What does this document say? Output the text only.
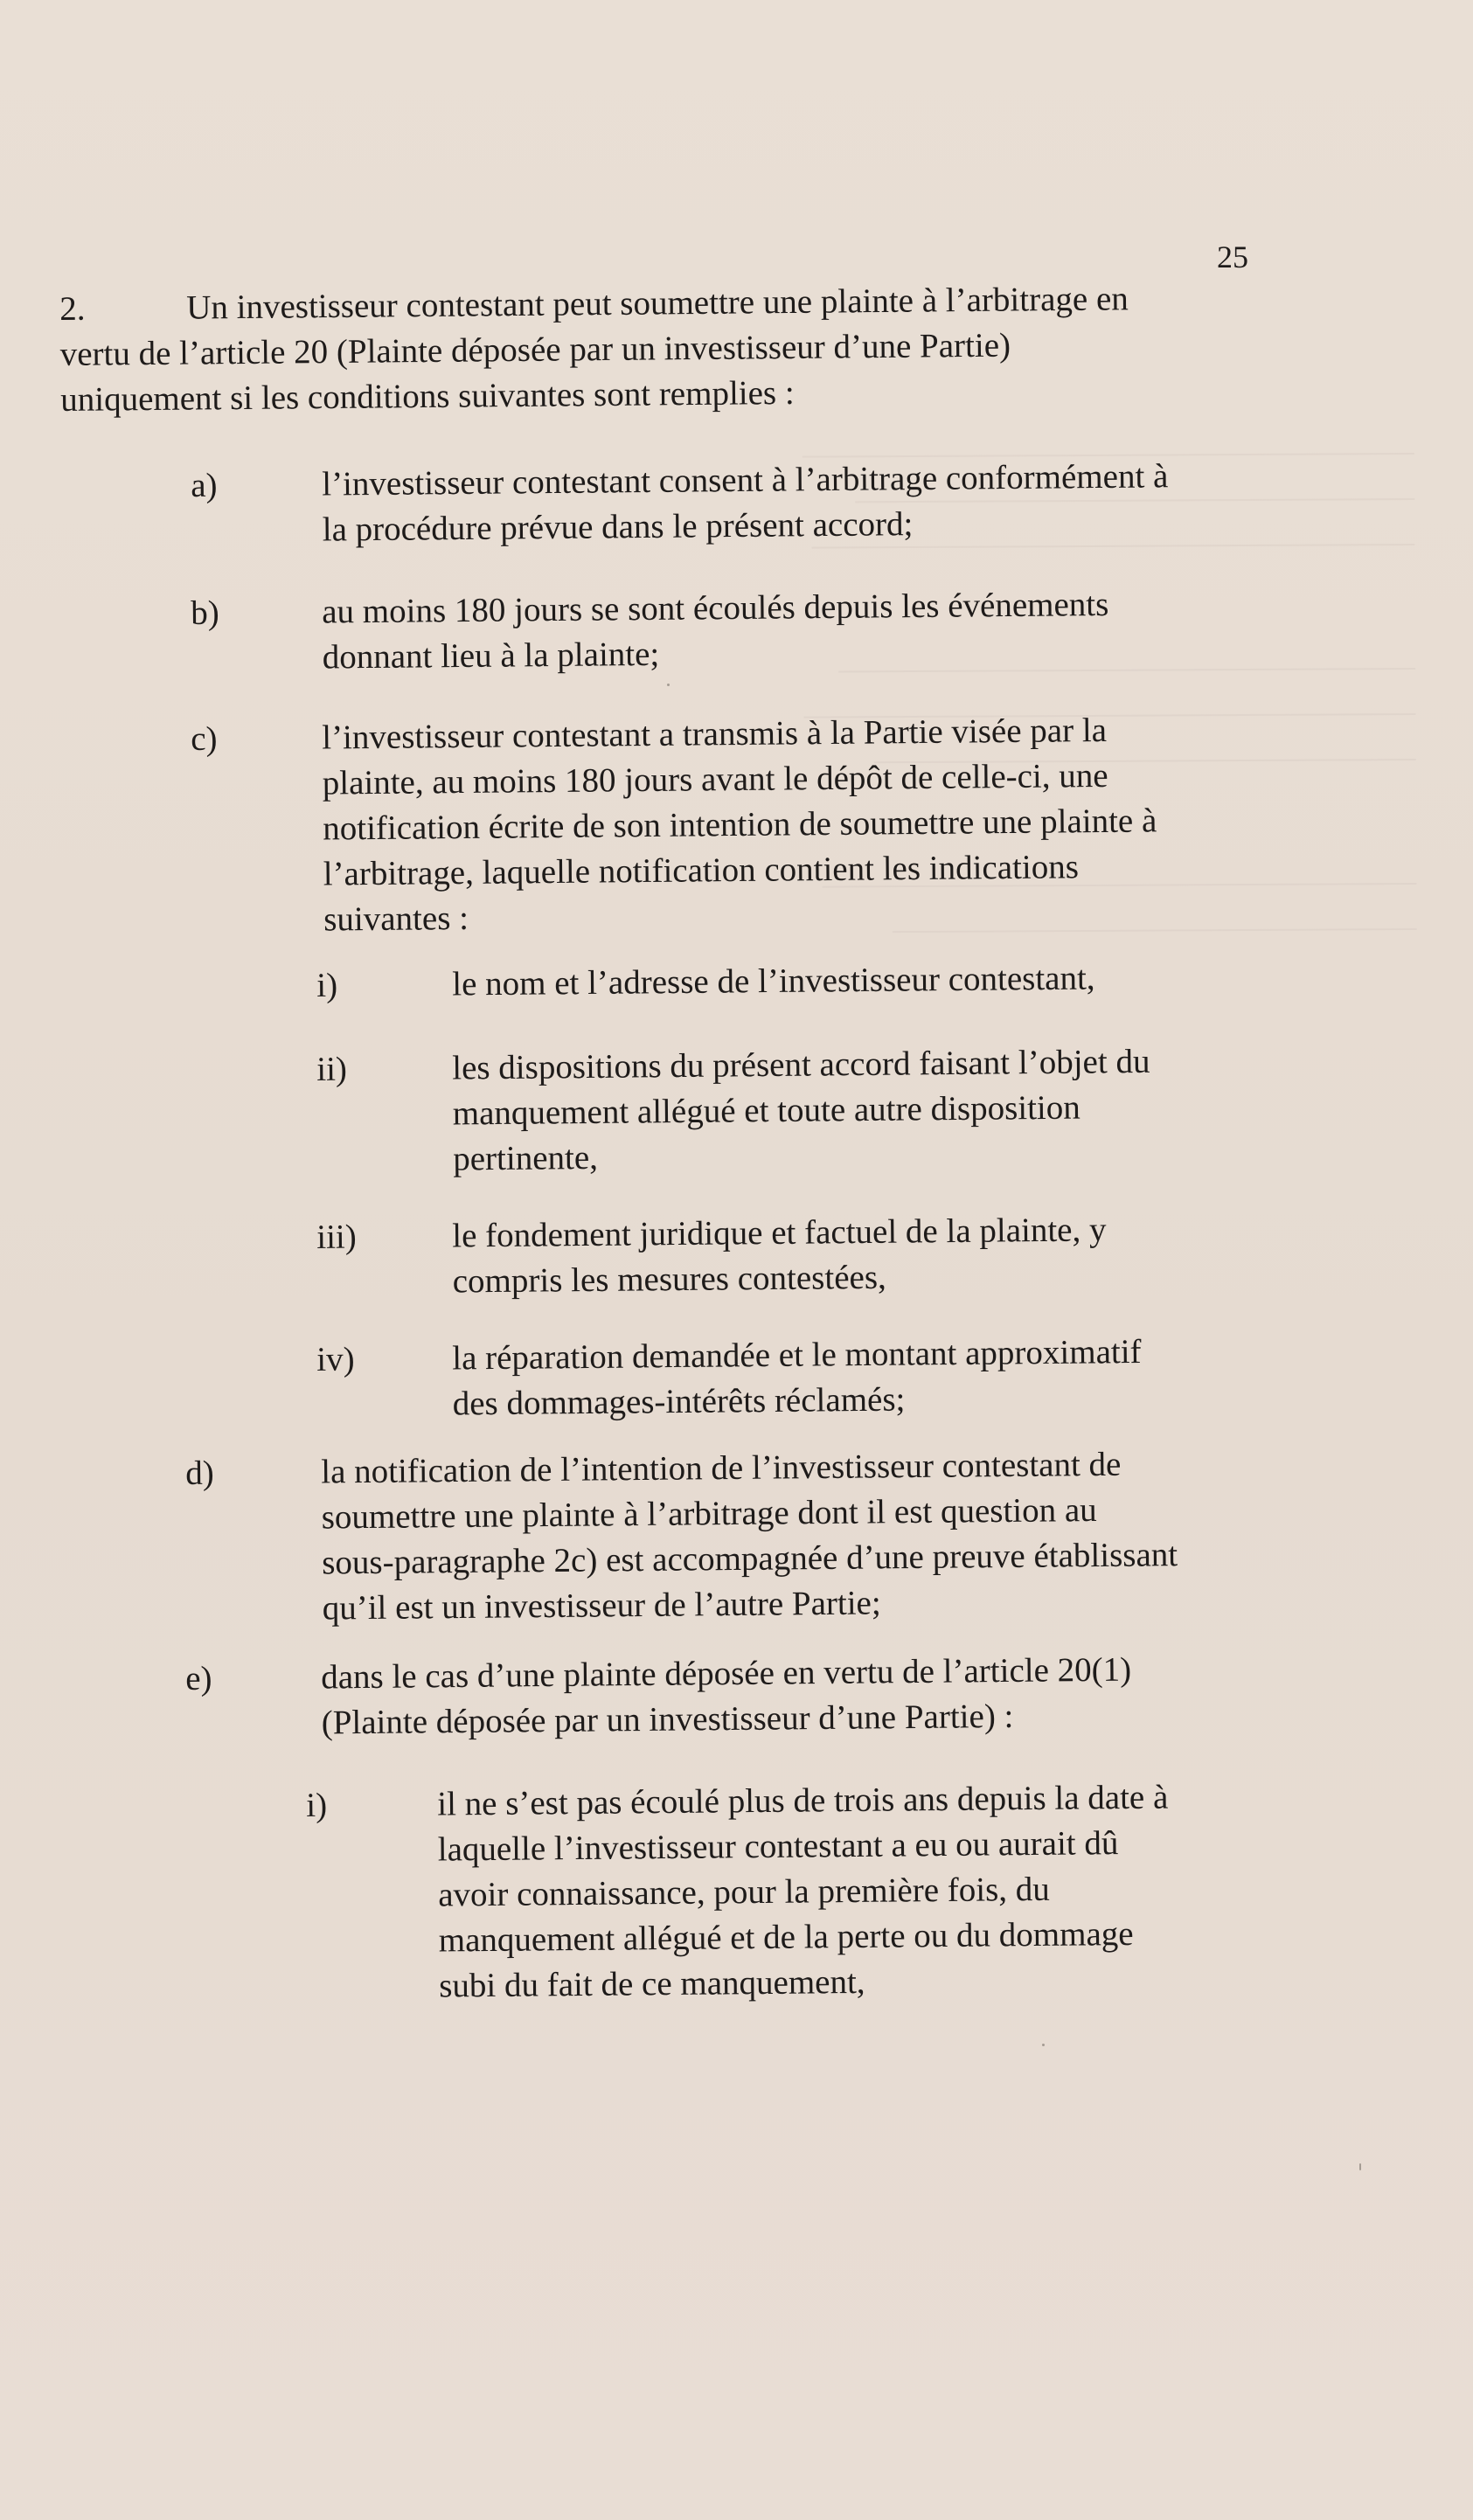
25
2.	Un investisseur contestant peut soumettre une plainte à l’arbitrage en
vertu de l’article 20 (Plainte déposée par un investisseur d’une Partie)
uniquement si les conditions suivantes sont remplies :
a)	l’investisseur contestant consent à l’arbitrage conformément à
la procédure prévue dans le présent accord;
b)	au moins 180 jours se sont écoulés depuis les événements
donnant lieu à la plainte;
c)	l’investisseur contestant a transmis à la Partie visée par la
plainte, au moins 180 jours avant le dépôt de celle-ci, une
notification écrite de son intention de soumettre une plainte à
l’arbitrage, laquelle notification contient les indications
suivantes :
i)	le nom et l’adresse de l’investisseur contestant,
ii)	les dispositions du présent accord faisant l’objet du
manquement allégué et toute autre disposition
pertinente,
iii)	le fondement juridique et factuel de la plainte, y
compris les mesures contestées,
iv)	la réparation demandée et le montant approximatif
des dommages-intérêts réclamés;
d)	la notification de l’intention de l’investisseur contestant de
soumettre une plainte à l’arbitrage dont il est question au
sous-paragraphe 2c) est accompagnée d’une preuve établissant
qu’il est un investisseur de l’autre Partie;
e)	dans le cas d’une plainte déposée en vertu de l’article 20(1)
(Plainte déposée par un investisseur d’une Partie) :
i)	il ne s’est pas écoulé plus de trois ans depuis la date à
laquelle l’investisseur contestant a eu ou aurait dû
avoir connaissance, pour la première fois, du
manquement allégué et de la perte ou du dommage
subi du fait de ce manquement,
